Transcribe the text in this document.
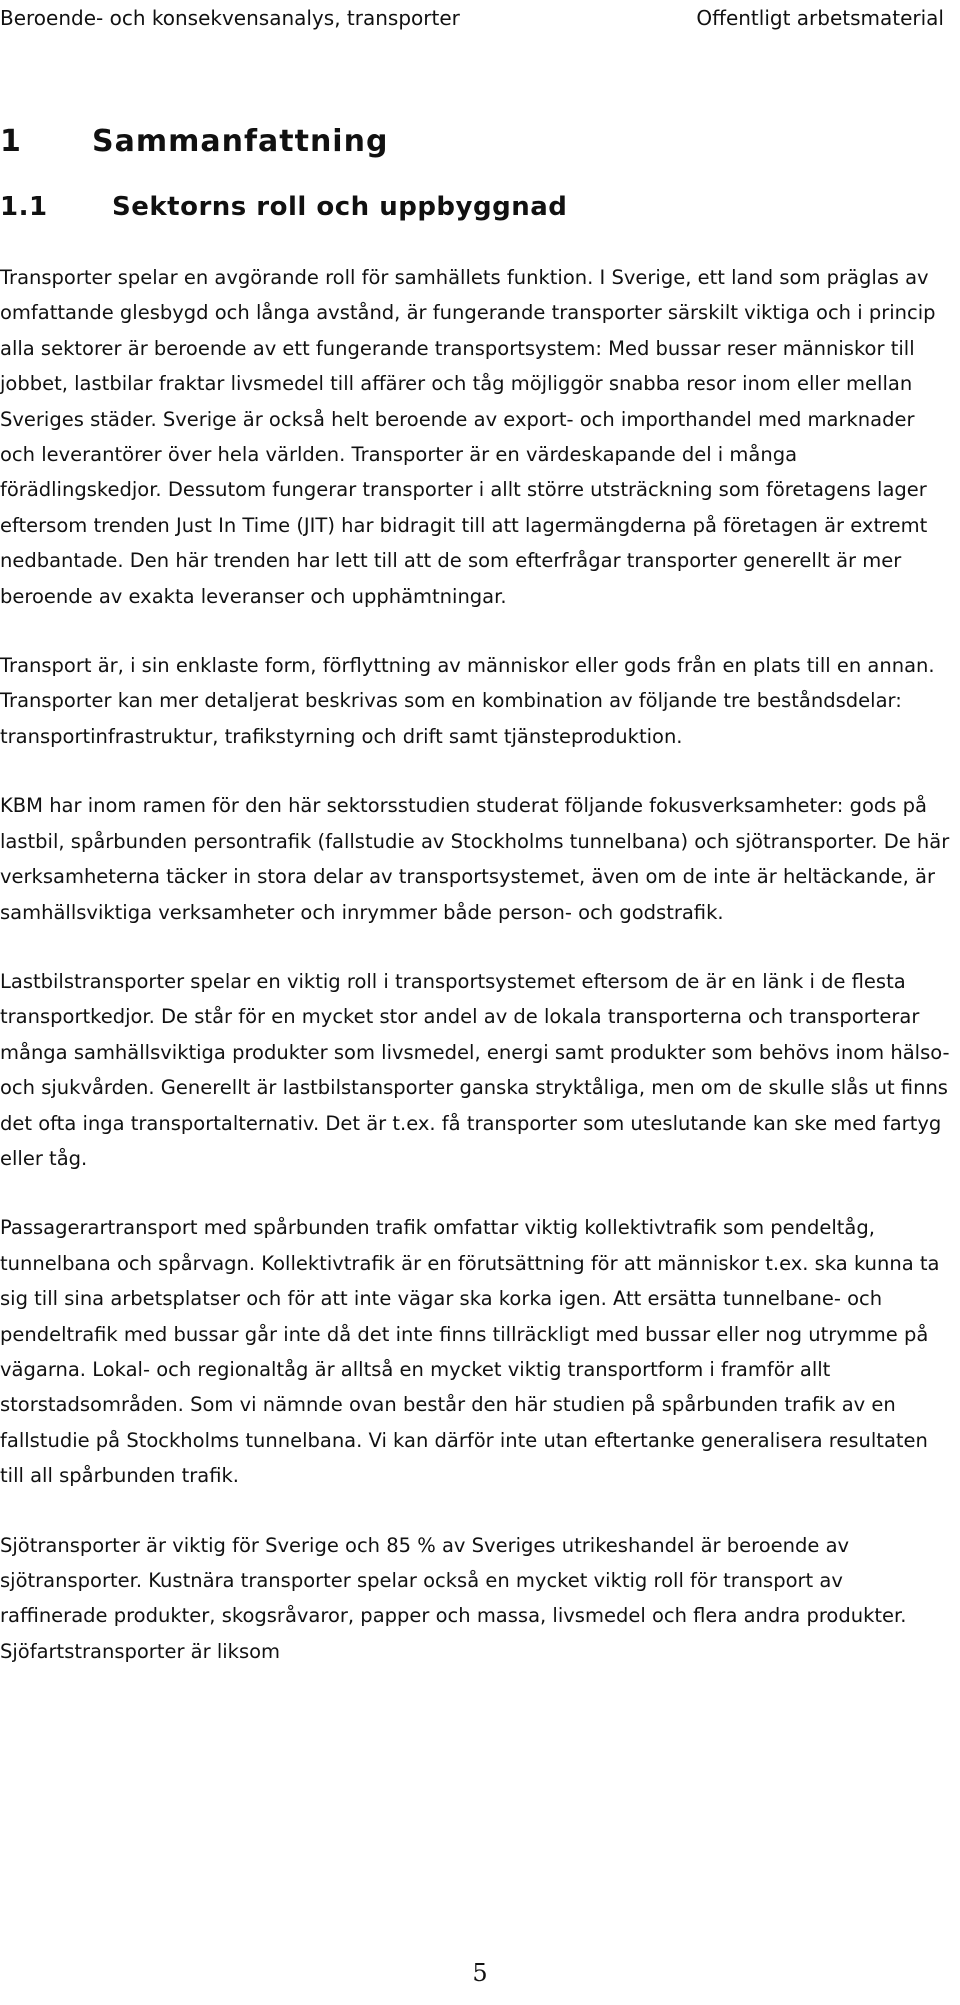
Beroende- och konsekvensanalys, transporter	Offentligt arbetsmaterial
1 Sammanfattning
1.1 Sektorns roll och uppbyggnad

Transporter spelar en avgörande roll för samhällets funktion. I Sverige, ett land som präglas av omfattande glesbygd och långa avstånd, är fungerande transporter särskilt viktiga och i princip alla sektorer är beroende av ett fungerande transportsystem: Med bussar reser människor till jobbet, lastbilar fraktar livsmedel till affärer och tåg möjliggör snabba resor inom eller mellan Sveriges städer. Sverige är också helt beroende av export- och importhandel med marknader och leverantörer över hela världen. Transporter är en värdeskapande del i många förädlingskedjor. Dessutom fungerar transporter i allt större utsträckning som företagens lager eftersom trenden Just In Time (JIT) har bidragit till att lagermängderna på företagen är extremt nedbantade. Den här trenden har lett till att de som efterfrågar transporter generellt är mer beroende av exakta leveranser och upphämtningar.

Transport är, i sin enklaste form, förflyttning av människor eller gods från en plats till en annan. Transporter kan mer detaljerat beskrivas som en kombination av följande tre beståndsdelar: transportinfrastruktur, trafikstyrning och drift samt tjänsteproduktion.

KBM har inom ramen för den här sektorsstudien studerat följande fokusverksamheter: gods på lastbil, spårbunden persontrafik (fallstudie av Stockholms tunnelbana) och sjötransporter. De här verksamheterna täcker in stora delar av transportsystemet, även om de inte är heltäckande, är samhällsviktiga verksamheter och inrymmer både person- och godstrafik.

Lastbilstransporter spelar en viktig roll i transportsystemet eftersom de är en länk i de flesta transportkedjor. De står för en mycket stor andel av de lokala transporterna och transporterar många samhällsviktiga produkter som livsmedel, energi samt produkter som behövs inom hälso- och sjukvården. Generellt är lastbilstansporter ganska stryktåliga, men om de skulle slås ut finns det ofta inga transportalternativ. Det är t.ex. få transporter som uteslutande kan ske med fartyg eller tåg.

Passagerartransport med spårbunden trafik omfattar viktig kollektivtrafik som pendeltåg, tunnelbana och spårvagn. Kollektivtrafik är en förutsättning för att människor t.ex. ska kunna ta sig till sina arbetsplatser och för att inte vägar ska korka igen. Att ersätta tunnelbane- och pendeltrafik med bussar går inte då det inte finns tillräckligt med bussar eller nog utrymme på vägarna. Lokal- och regionaltåg är alltså en mycket viktig transportform i framför allt storstadsområden. Som vi nämnde ovan består den här studien på spårbunden trafik av en fallstudie på Stockholms tunnelbana. Vi kan därför inte utan eftertanke generalisera resultaten till all spårbunden trafik.

Sjötransporter är viktig för Sverige och 85 % av Sveriges utrikeshandel är beroende av sjötransporter. Kustnära transporter spelar också en mycket viktig roll för transport av raffinerade produkter, skogsråvaror, papper och massa, livsmedel och flera andra produkter. Sjöfartstransporter är liksom

5
